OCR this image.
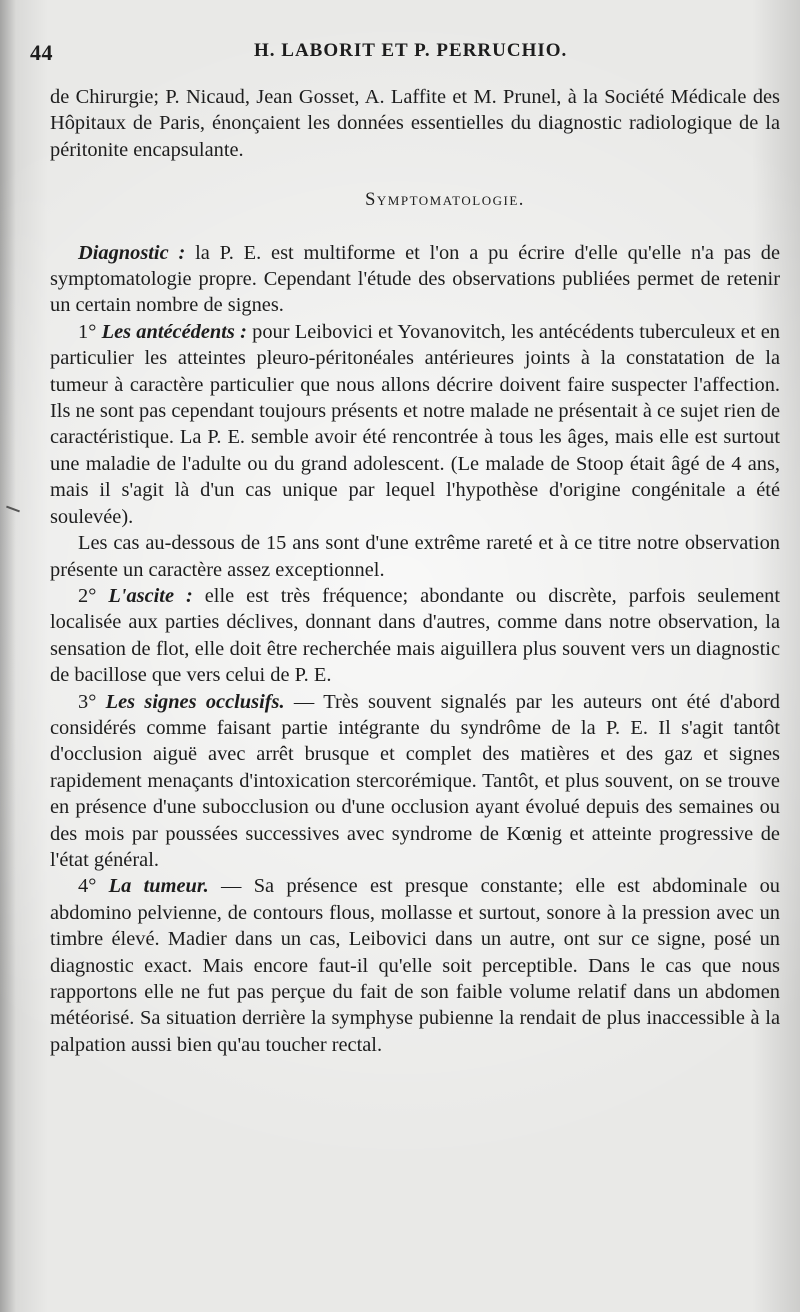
44	H. LABORIT ET P. PERRUCHIO.

de Chirurgie; P. Nicaud, Jean Gosset, A. Laffite et M. Prunel, à la Société Médicale des Hôpitaux de Paris, énonçaient les données essentielles du diagnostic radiologique de la péritonite encapsulante.

Symptomatologie.

Diagnostic : la P. E. est multiforme et l'on a pu écrire d'elle qu'elle n'a pas de symptomatologie propre. Cependant l'étude des observations publiées permet de retenir un certain nombre de signes.

1° Les antécédents : pour Leibovici et Yovanovitch, les antécédents tuberculeux et en particulier les atteintes pleuro-péritonéales antérieures joints à la constatation de la tumeur à caractère particulier que nous allons décrire doivent faire suspecter l'affection. Ils ne sont pas cependant toujours présents et notre malade ne présentait à ce sujet rien de caractéristique. La P. E. semble avoir été rencontrée à tous les âges, mais elle est surtout une maladie de l'adulte ou du grand adolescent. (Le malade de Stoop était âgé de 4 ans, mais il s'agit là d'un cas unique par lequel l'hypothèse d'origine congénitale a été soulevée).

Les cas au-dessous de 15 ans sont d'une extrême rareté et à ce titre notre observation présente un caractère assez exceptionnel.

2° L'ascite : elle est très fréquence; abondante ou discrète, parfois seulement localisée aux parties déclives, donnant dans d'autres, comme dans notre observation, la sensation de flot, elle doit être recherchée mais aiguillera plus souvent vers un diagnostic de bacillose que vers celui de P. E.

3° Les signes occlusifs. — Très souvent signalés par les auteurs ont été d'abord considérés comme faisant partie intégrante du syndrôme de la P. E. Il s'agit tantôt d'occlusion aiguë avec arrêt brusque et complet des matières et des gaz et signes rapidement menaçants d'intoxication stercorémique. Tantôt, et plus souvent, on se trouve en présence d'une subocclusion ou d'une occlusion ayant évolué depuis des semaines ou des mois par poussées successives avec syndrome de Kœnig et atteinte progressive de l'état général.

4° La tumeur. — Sa présence est presque constante; elle est abdominale ou abdomino pelvienne, de contours flous, mollasse et surtout, sonore à la pression avec un timbre élevé. Madier dans un cas, Leibovici dans un autre, ont sur ce signe, posé un diagnostic exact. Mais encore faut-il qu'elle soit perceptible. Dans le cas que nous rapportons elle ne fut pas perçue du fait de son faible volume relatif dans un abdomen météorisé. Sa situation derrière la symphyse pubienne la rendait de plus inaccessible à la palpation aussi bien qu'au toucher rectal.
